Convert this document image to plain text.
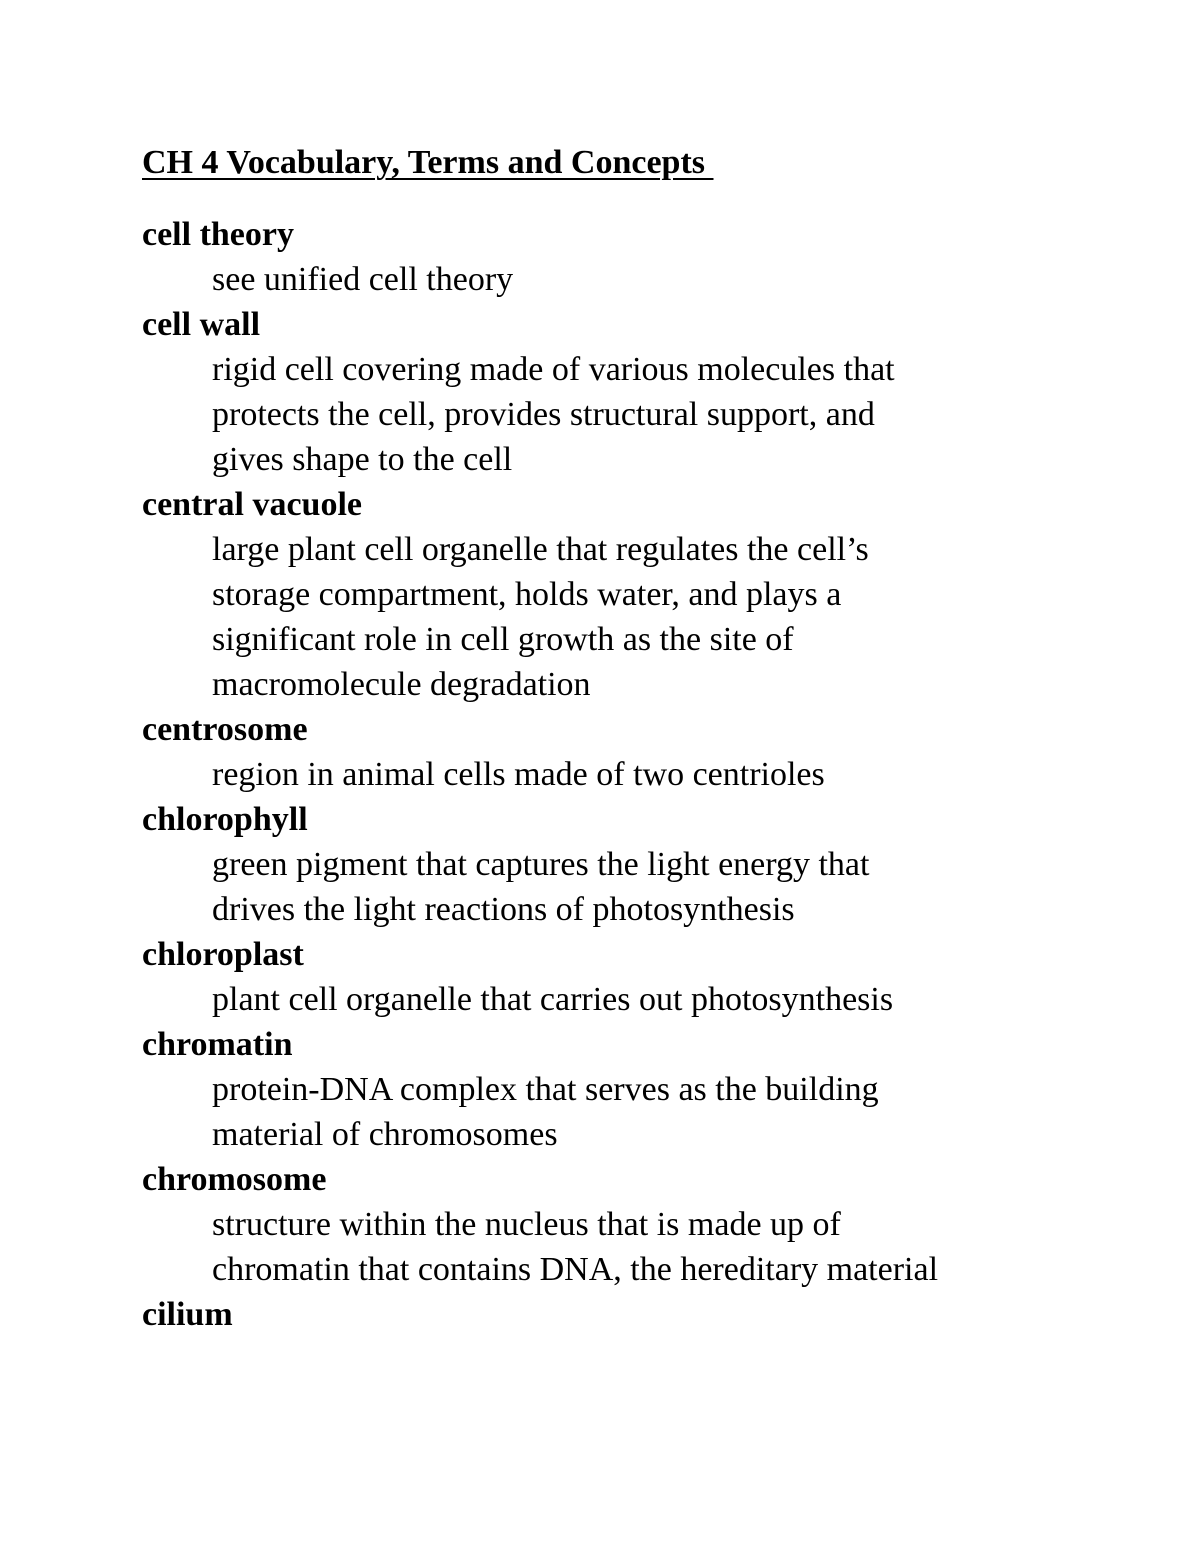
CH 4 Vocabulary, Terms and Concepts
cell theory
see unified cell theory
cell wall
rigid cell covering made of various molecules that
protects the cell, provides structural support, and
gives shape to the cell
central vacuole
large plant cell organelle that regulates the cell’s
storage compartment, holds water, and plays a
significant role in cell growth as the site of
macromolecule degradation
centrosome
region in animal cells made of two centrioles
chlorophyll
green pigment that captures the light energy that
drives the light reactions of photosynthesis
chloroplast
plant cell organelle that carries out photosynthesis
chromatin
protein-DNA complex that serves as the building
material of chromosomes
chromosome
structure within the nucleus that is made up of
chromatin that contains DNA, the hereditary material
cilium
